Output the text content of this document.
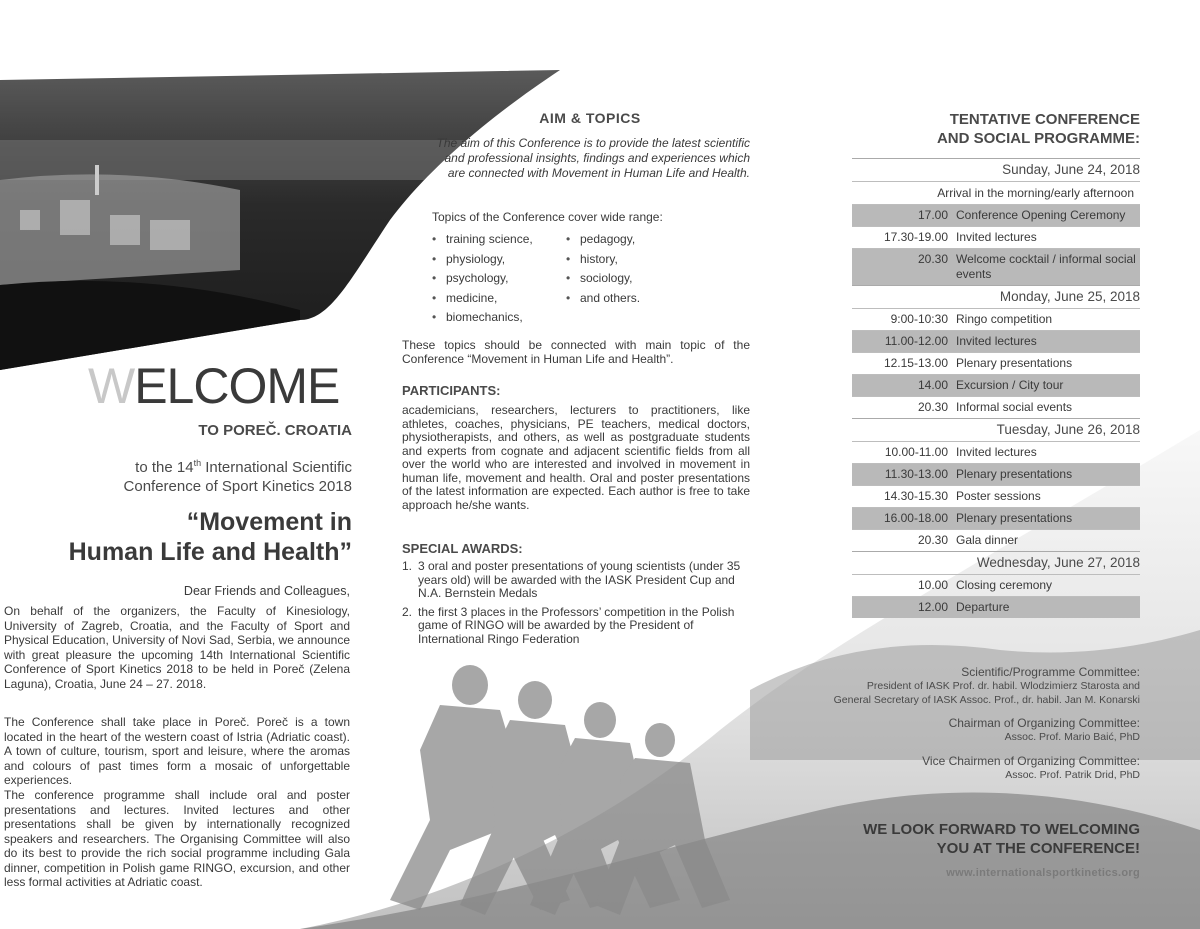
WELCOME
TO POREČ. CROATIA
to the 14th International Scientific
Conference of Sport Kinetics 2018
“Movement in
Human Life and Health”
Dear Friends and Colleagues,
On behalf of the organizers, the Faculty of Kinesiology, University of Zagreb, Croatia, and the Faculty of Sport and Physical Education, University of Novi Sad, Serbia, we announce with great pleasure the upcoming 14th International Scientific Conference of Sport Kinetics 2018 to be held in Poreč (Zelena Laguna), Croatia, June 24 – 27. 2018.
The Conference shall take place in Poreč. Poreč is a town located in the heart of the western coast of Istria (Adriatic coast). A town of culture, tourism, sport and leisure, where the aromas and colours of past times form a mosaic of unforgettable experiences.
The conference programme shall include oral and poster presentations and lectures. Invited lectures and other presentations shall be given by internationally recognized speakers and researchers. The Organising Committee will also do its best to provide the rich social programme including Gala dinner, competition in Polish game RINGO, excursion, and other less formal activities at Adriatic coast.
AIM & TOPICS
The aim of this Conference is to provide the latest scientific and professional insights, findings and experiences which are connected with Movement in Human Life and Health.
Topics of the Conference cover wide range:
• training science,
• physiology,
• psychology,
• medicine,
• biomechanics,
• pedagogy,
• history,
• sociology,
• and others.
These topics should be connected with main topic of the Conference “Movement in Human Life and Health”.
PARTICIPANTS:
academicians, researchers, lecturers to practitioners, like athletes, coaches, physicians, PE teachers, medical doctors, physiotherapists, and others, as well as postgraduate students and experts from cognate and adjacent scientific fields from all over the world who are interested and involved in movement in human life, movement and health. Oral and poster presentations of the latest information are expected. Each author is free to take approach he/she wants.
SPECIAL AWARDS:
1. 3 oral and poster presentations of young scientists (under 35 years old) will be awarded with the IASK President Cup and N.A. Bernstein Medals
2. the first 3 places in the Professors’ competition in the Polish game of RINGO will be awarded by the President of International Ringo Federation
TENTATIVE CONFERENCE
AND SOCIAL PROGRAMME:
Sunday, June 24, 2018
Arrival in the morning/early afternoon
17.00 Conference Opening Ceremony
17.30-19.00 Invited lectures
20.30 Welcome cocktail / informal social events
Monday, June 25, 2018
9:00-10:30 Ringo competition
11.00-12.00 Invited lectures
12.15-13.00 Plenary presentations
14.00 Excursion / City tour
20.30 Informal social events
Tuesday, June 26, 2018
10.00-11.00 Invited lectures
11.30-13.00 Plenary presentations
14.30-15.30 Poster sessions
16.00-18.00 Plenary presentations
20.30 Gala dinner
Wednesday, June 27, 2018
10.00 Closing ceremony
12.00 Departure
Scientific/Programme Committee:
President of IASK Prof. dr. habil. Wlodzimierz Starosta and
General Secretary of IASK Assoc. Prof., dr. habil. Jan M. Konarski
Chairman of Organizing Committee:
Assoc. Prof. Mario Baić, PhD
Vice Chairmen of Organizing Committee:
Assoc. Prof. Patrik Drid, PhD
WE LOOK FORWARD TO WELCOMING
YOU AT THE CONFERENCE!
www.internationalsportkinetics.org
